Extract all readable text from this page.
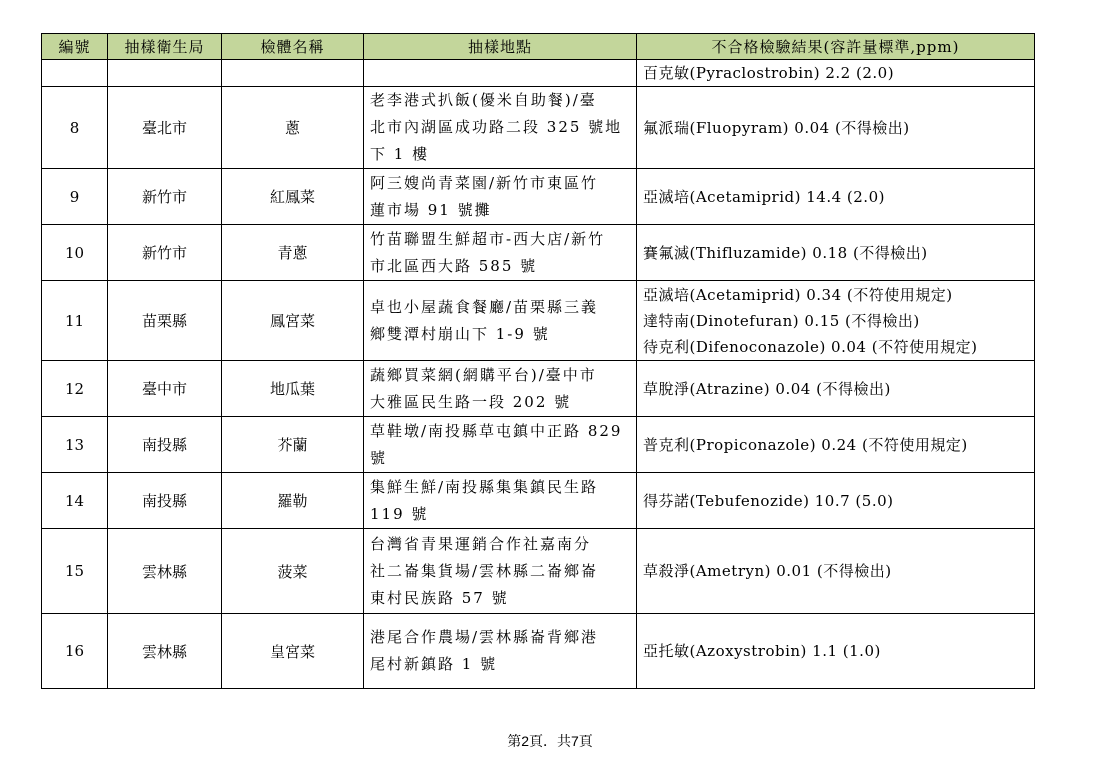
編號	抽樣衛生局	檢體名稱	抽樣地點	不合格檢驗結果(容許量標準,ppm)

				百克敏(Pyraclostrobin) 2.2 (2.0)

8	臺北市	蔥	老李港式扒飯(優米自助餐)/臺
北市內湖區成功路二段 325 號地
下 1 樓	氟派瑞(Fluopyram) 0.04 (不得檢出)

9	新竹市	紅鳳菜	阿三嫂尚青菜園/新竹市東區竹
蓮市場 91 號攤	亞滅培(Acetamiprid) 14.4 (2.0)

10	新竹市	青蔥	竹苗聯盟生鮮超市-西大店/新竹
市北區西大路 585 號	賽氟滅(Thifluzamide) 0.18 (不得檢出)

11	苗栗縣	鳳宮菜	卓也小屋蔬食餐廳/苗栗縣三義
鄉雙潭村崩山下 1-9 號	亞滅培(Acetamiprid) 0.34 (不符使用規定)
達特南(Dinotefuran) 0.15 (不得檢出)
待克利(Difenoconazole) 0.04 (不符使用規定)

12	臺中市	地瓜葉	蔬鄉買菜網(網購平台)/臺中市
大雅區民生路一段 202 號	草脫淨(Atrazine) 0.04 (不得檢出)

13	南投縣	芥蘭	草鞋墩/南投縣草屯鎮中正路 829
號	普克利(Propiconazole) 0.24 (不符使用規定)

14	南投縣	羅勒	集鮮生鮮/南投縣集集鎮民生路
119 號	得芬諾(Tebufenozide) 10.7 (5.0)

15	雲林縣	菠菜	台灣省青果運銷合作社嘉南分
社二崙集貨場/雲林縣二崙鄉崙
東村民族路 57 號	草殺淨(Ametryn) 0.01 (不得檢出)

16	雲林縣	皇宮菜	港尾合作農場/雲林縣崙背鄉港
尾村新鎮路 1 號	亞托敏(Azoxystrobin) 1.1 (1.0)
第2頁．共7頁
